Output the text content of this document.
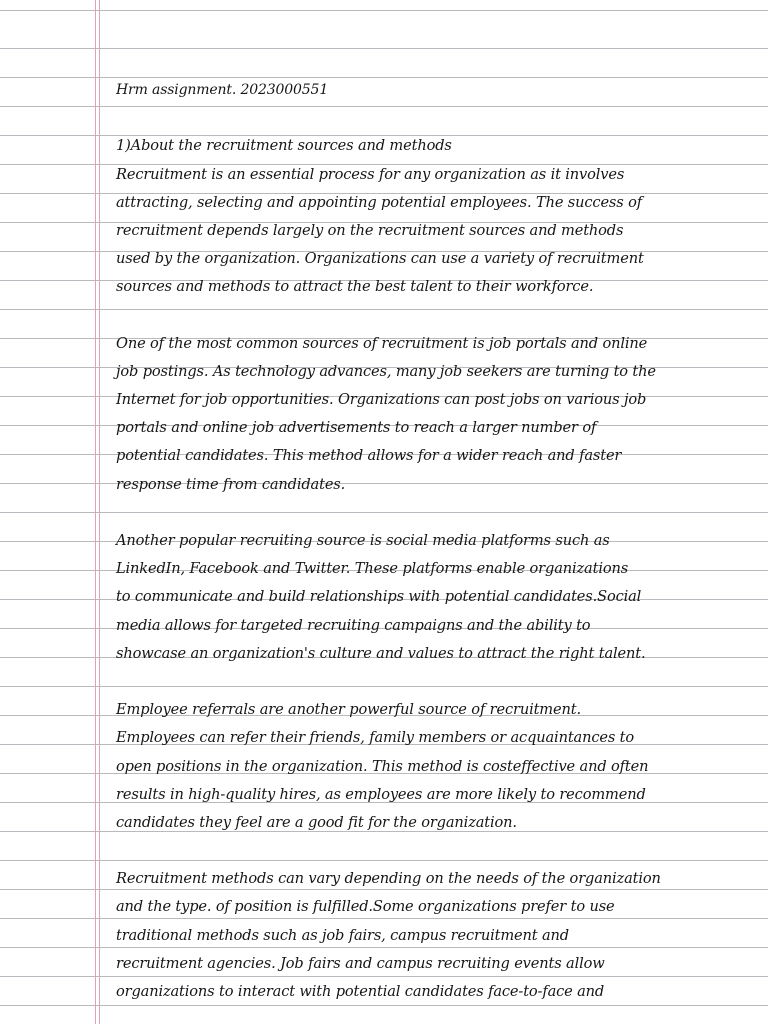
Hrm assignment. 2023000551
1)About the recruitment sources and methods
Recruitment is an essential process for any organization as it involves
attracting, selecting and appointing potential employees. The success of
recruitment depends largely on the recruitment sources and methods
used by the organization. Organizations can use a variety of recruitment
sources and methods to attract the best talent to their workforce.
One of the most common sources of recruitment is job portals and online
job postings. As technology advances, many job seekers are turning to the
Internet for job opportunities. Organizations can post jobs on various job
portals and online job advertisements to reach a larger number of
potential candidates. This method allows for a wider reach and faster
response time from candidates.
Another popular recruiting source is social media platforms such as
LinkedIn, Facebook and Twitter. These platforms enable organizations
to communicate and build relationships with potential candidates.Social
media allows for targeted recruiting campaigns and the ability to
showcase an organization's culture and values to attract the right talent.
Employee referrals are another powerful source of recruitment.
Employees can refer their friends, family members or acquaintances to
open positions in the organization. This method is costeffective and often
results in high-quality hires, as employees are more likely to recommend
candidates they feel are a good fit for the organization.
Recruitment methods can vary depending on the needs of the organization
and the type. of position is fulfilled.Some organizations prefer to use
traditional methods such as job fairs, campus recruitment and
recruitment agencies. Job fairs and campus recruiting events allow
organizations to interact with potential candidates face-to-face and
